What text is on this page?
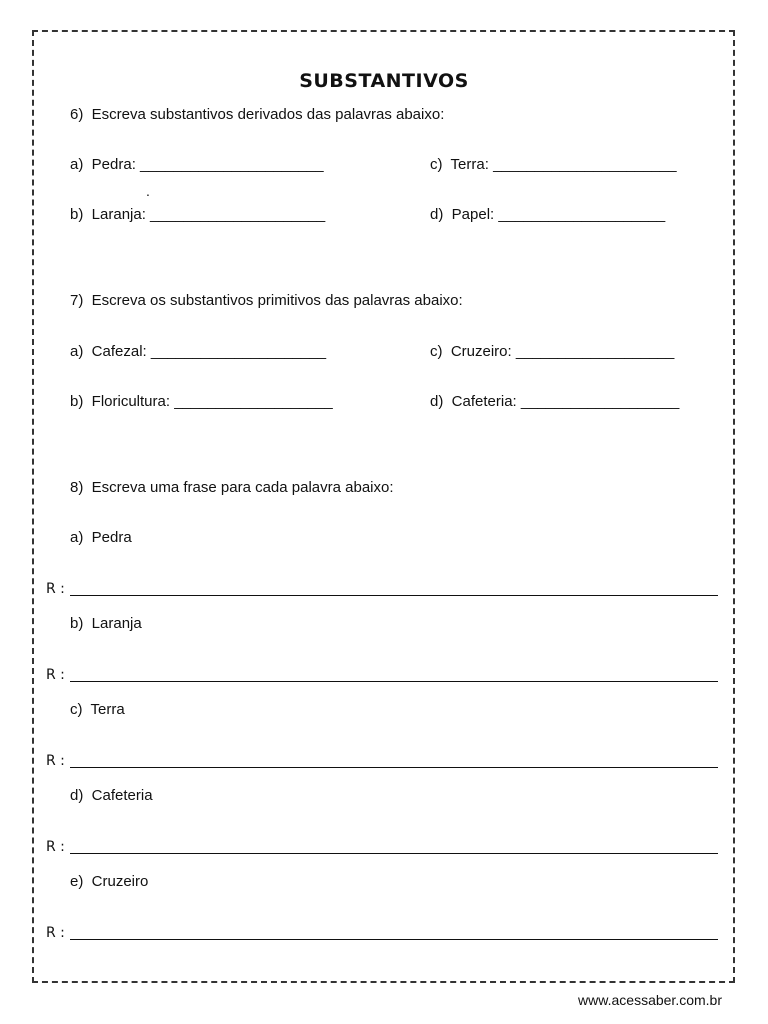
SUBSTANTIVOS
6)  Escreva substantivos derivados das palavras abaixo:
a)  Pedra: ______________________	c)  Terra: ______________________
.
b)  Laranja: _____________________	d)  Papel: ____________________
7)  Escreva os substantivos primitivos das palavras abaixo:
a)  Cafezal: _____________________	c)  Cruzeiro: ___________________
b)  Floricultura: ___________________	d)  Cafeteria: ___________________
8)  Escreva uma frase para cada palavra abaixo:
a)  Pedra
R :
b)  Laranja
R :
c)  Terra
R :
d)  Cafeteria
R :
e)  Cruzeiro
R :
www.acessaber.com.br
